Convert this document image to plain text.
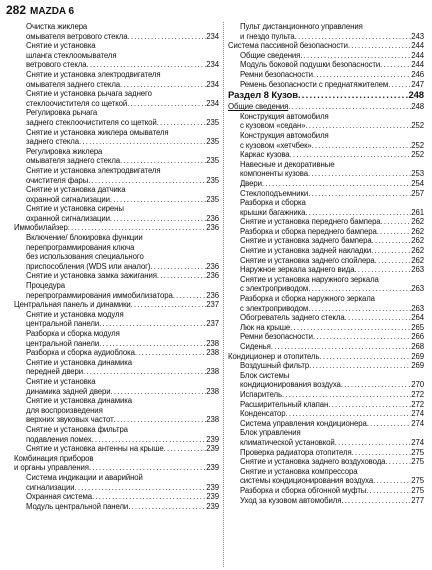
282 MAZDA 6
Очистка жиклера
омывателя ветрового стекла .....	234
Снятие и установка
шланга стеклоомывателя
ветрового стекла .....	234
Снятие и установка электродвигателя
омывателя заднего стекла .....	234
Снятие и установка рычага заднего
стеклоочистителя со щеткой .....	234
Регулировка рычага
заднего стеклоочистителя со щеткой .....	235
Снятие и установка жиклера омывателя
заднего стекла .....	235
Регулировка жиклера
омывателя заднего стекла .....	235
Снятие и установка электродвигателя
очистителя фары .....	235
Снятие и установка датчика
охранной сигнализации .....	235
Снятие и установка сирены
охранной сигнализации .....	236
Иммобилайзер .....	236
Включение/ блокировка функции
перепрограммирования ключа
без использования специального
приспособления (WDS или аналог) .....	236
Снятие и установка замка зажигания .....	236
Процедура
перепрограммирования иммобилизатора .....	236
Центральная панель и динамики .....	237
Снятие и установка модуля
центральной панели .....	237
Разборка и сборка модуля
центральной панели .....	238
Разборка и сборка аудиоблока .....	238
Снятие и установка динамика
передней двери .....	238
Снятие и установка
динамика задней двери .....	238
Снятие и установка динамика
для воспроизведения
верхних звуковых частот .....	238
Снятие и установка фильтра
подавления помех .....	239
Снятие и установка антенны на крыше .....	239
Комбинация приборов
и органы управления .....	239
Система индикации и аварийной
сигнализации .....	239
Охранная система .....	239
Модуль центральной панели .....	239
Пульт дистанционного управления
и гнездо пульта .....	243
Система пассивной безопасности .....	244
Общие сведения .....	244
Модуль боковой подушки безопасности .....	244
Ремни безопасности .....	246
Ремень безопасности с преднатяжителем .....	247
Раздел 8 Кузов .....	248
Общие сведения .....	248
Конструкция автомобиля
с кузовом «седан» .....	252
Конструкция автомобиля
с кузовом «хетчбек» .....	252
Каркас кузова .....	252
Навесные и декоративные
компоненты кузова .....	253
Двери .....	254
Стеклоподъемники .....	257
Разборка и сборка
крышки багажника .....	261
Снятие и установка переднего бампера .....	262
Разборка и сборка переднего бампера .....	262
Снятие и установка заднего бампера .....	262
Снятие и установка задней накладки .....	262
Снятие и установка заднего спойлера .....	262
Наружное зеркала заднего вида .....	263
Снятие и установка наружного зеркала
с электроприводом .....	263
Разборка и сборка наружного зеркала
с электроприводом .....	263
Обогреватель заднего стекла .....	264
Люк на крыше .....	265
Ремни безопасности .....	266
Сиденья .....	268
Кондиционер и отопитель .....	269
Воздушный фильтр .....	269
Блок системы
кондиционирования воздуха .....	270
Испаритель .....	272
Расширительный клапан .....	272
Конденсатор .....	274
Система управления кондиционера .....	274
Блок управления
климатической установкой .....	274
Проверка радиатора отопителя .....	275
Снятие и установка заднего воздуховода .....	275
Снятие и установка компрессора
системы кондиционирования воздуха .....	275
Разборка и сборка обгонной муфты .....	275
Уход за кузовом автомобиля .....	277
